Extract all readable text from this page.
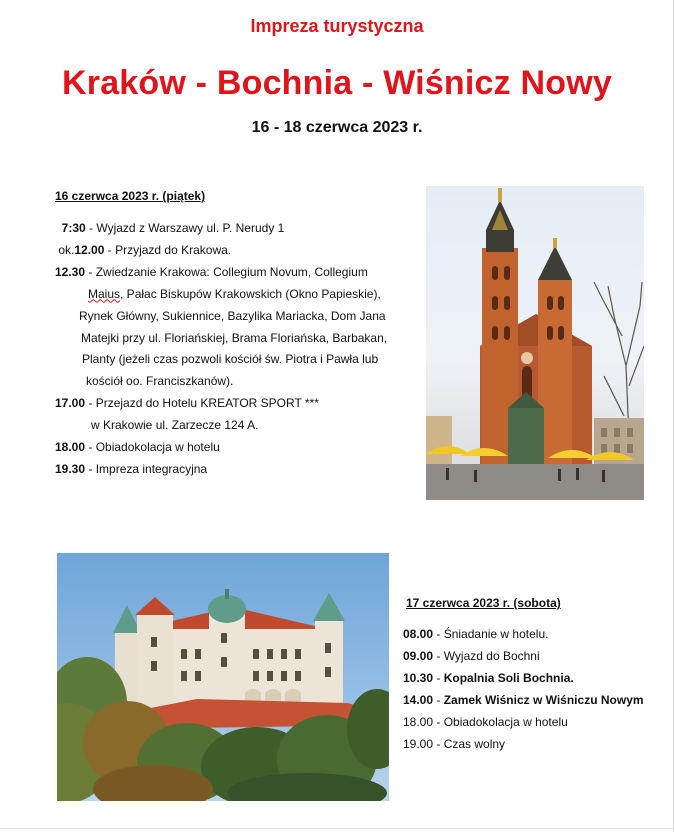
Impreza turystyczna
Kraków - Bochnia - Wiśnicz Nowy
16 - 18 czerwca 2023 r.
16 czerwca 2023 r. (piątek)
7:30 - Wyjazd z Warszawy ul. P. Nerudy 1
ok.12.00 - Przyjazd do Krakowa.
12.30 - Zwiedzanie Krakowa: Collegium Novum, Collegium
Maius, Pałac Biskupów Krakowskich (Okno Papieskie),
Rynek Główny, Sukiennice, Bazylika Mariacka, Dom Jana
Matejki przy ul. Floriańskiej, Brama Floriańska, Barbakan,
Planty (jeżeli czas pozwoli kościół św. Piotra i Pawła lub
kościół oo. Franciszkanów).
17.00 - Przejazd do Hotelu KREATOR SPORT ***
w Krakowie ul. Zarzecze 124 A.
18.00 - Obiadokolacja w hotelu
19.30 - Impreza integracyjna
17 czerwca 2023 r. (sobota)
08.00 - Śniadanie w hotelu.
09.00 - Wyjazd do Bochni
10.30 - Kopalnia Soli Bochnia.
14.00 - Zamek Wiśnicz w Wiśniczu Nowym
18.00 - Obiadokolacja w hotelu
19.00 - Czas wolny
